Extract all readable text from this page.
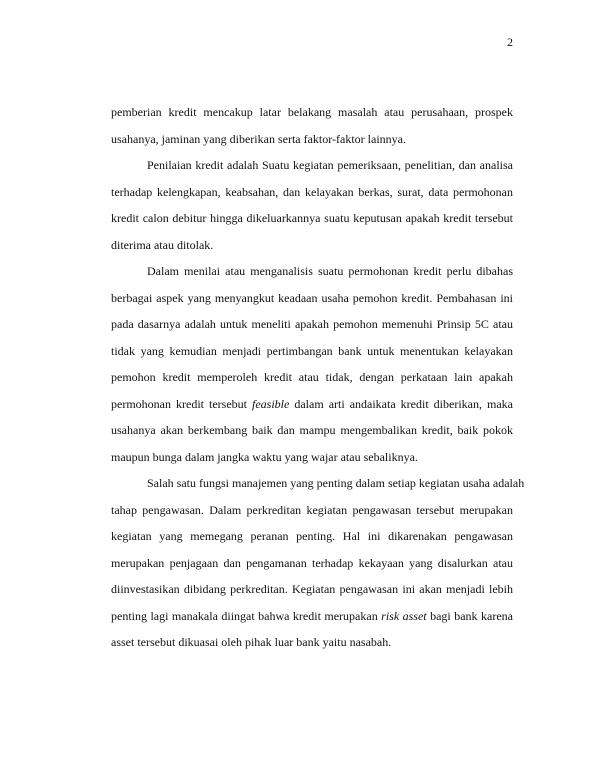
2

pemberian kredit mencakup latar belakang masalah atau perusahaan, prospek
usahanya, jaminan yang diberikan serta faktor-faktor lainnya.

Penilaian kredit adalah Suatu kegiatan pemeriksaan, penelitian, dan analisa
terhadap kelengkapan, keabsahan, dan kelayakan berkas, surat, data permohonan
kredit calon debitur hingga dikeluarkannya suatu keputusan apakah kredit tersebut
diterima atau ditolak.

Dalam menilai atau menganalisis suatu permohonan kredit perlu dibahas
berbagai aspek yang menyangkut keadaan usaha pemohon kredit. Pembahasan ini
pada dasarnya adalah untuk meneliti apakah pemohon memenuhi Prinsip 5C atau
tidak yang kemudian menjadi pertimbangan bank untuk menentukan kelayakan
pemohon kredit memperoleh kredit atau tidak, dengan perkataan lain apakah
permohonan kredit tersebut feasible dalam arti andaikata kredit diberikan, maka
usahanya akan berkembang baik dan mampu mengembalikan kredit, baik pokok
maupun bunga dalam jangka waktu yang wajar atau sebaliknya.

Salah satu fungsi manajemen yang penting dalam setiap kegiatan usaha adalah
tahap pengawasan. Dalam perkreditan kegiatan pengawasan tersebut merupakan
kegiatan yang memegang peranan penting. Hal ini dikarenakan pengawasan
merupakan penjagaan dan pengamanan terhadap kekayaan yang disalurkan atau
diinvestasikan dibidang perkreditan. Kegiatan pengawasan ini akan menjadi lebih
penting lagi manakala diingat bahwa kredit merupakan risk asset bagi bank karena
asset tersebut dikuasai oleh pihak luar bank yaitu nasabah.
